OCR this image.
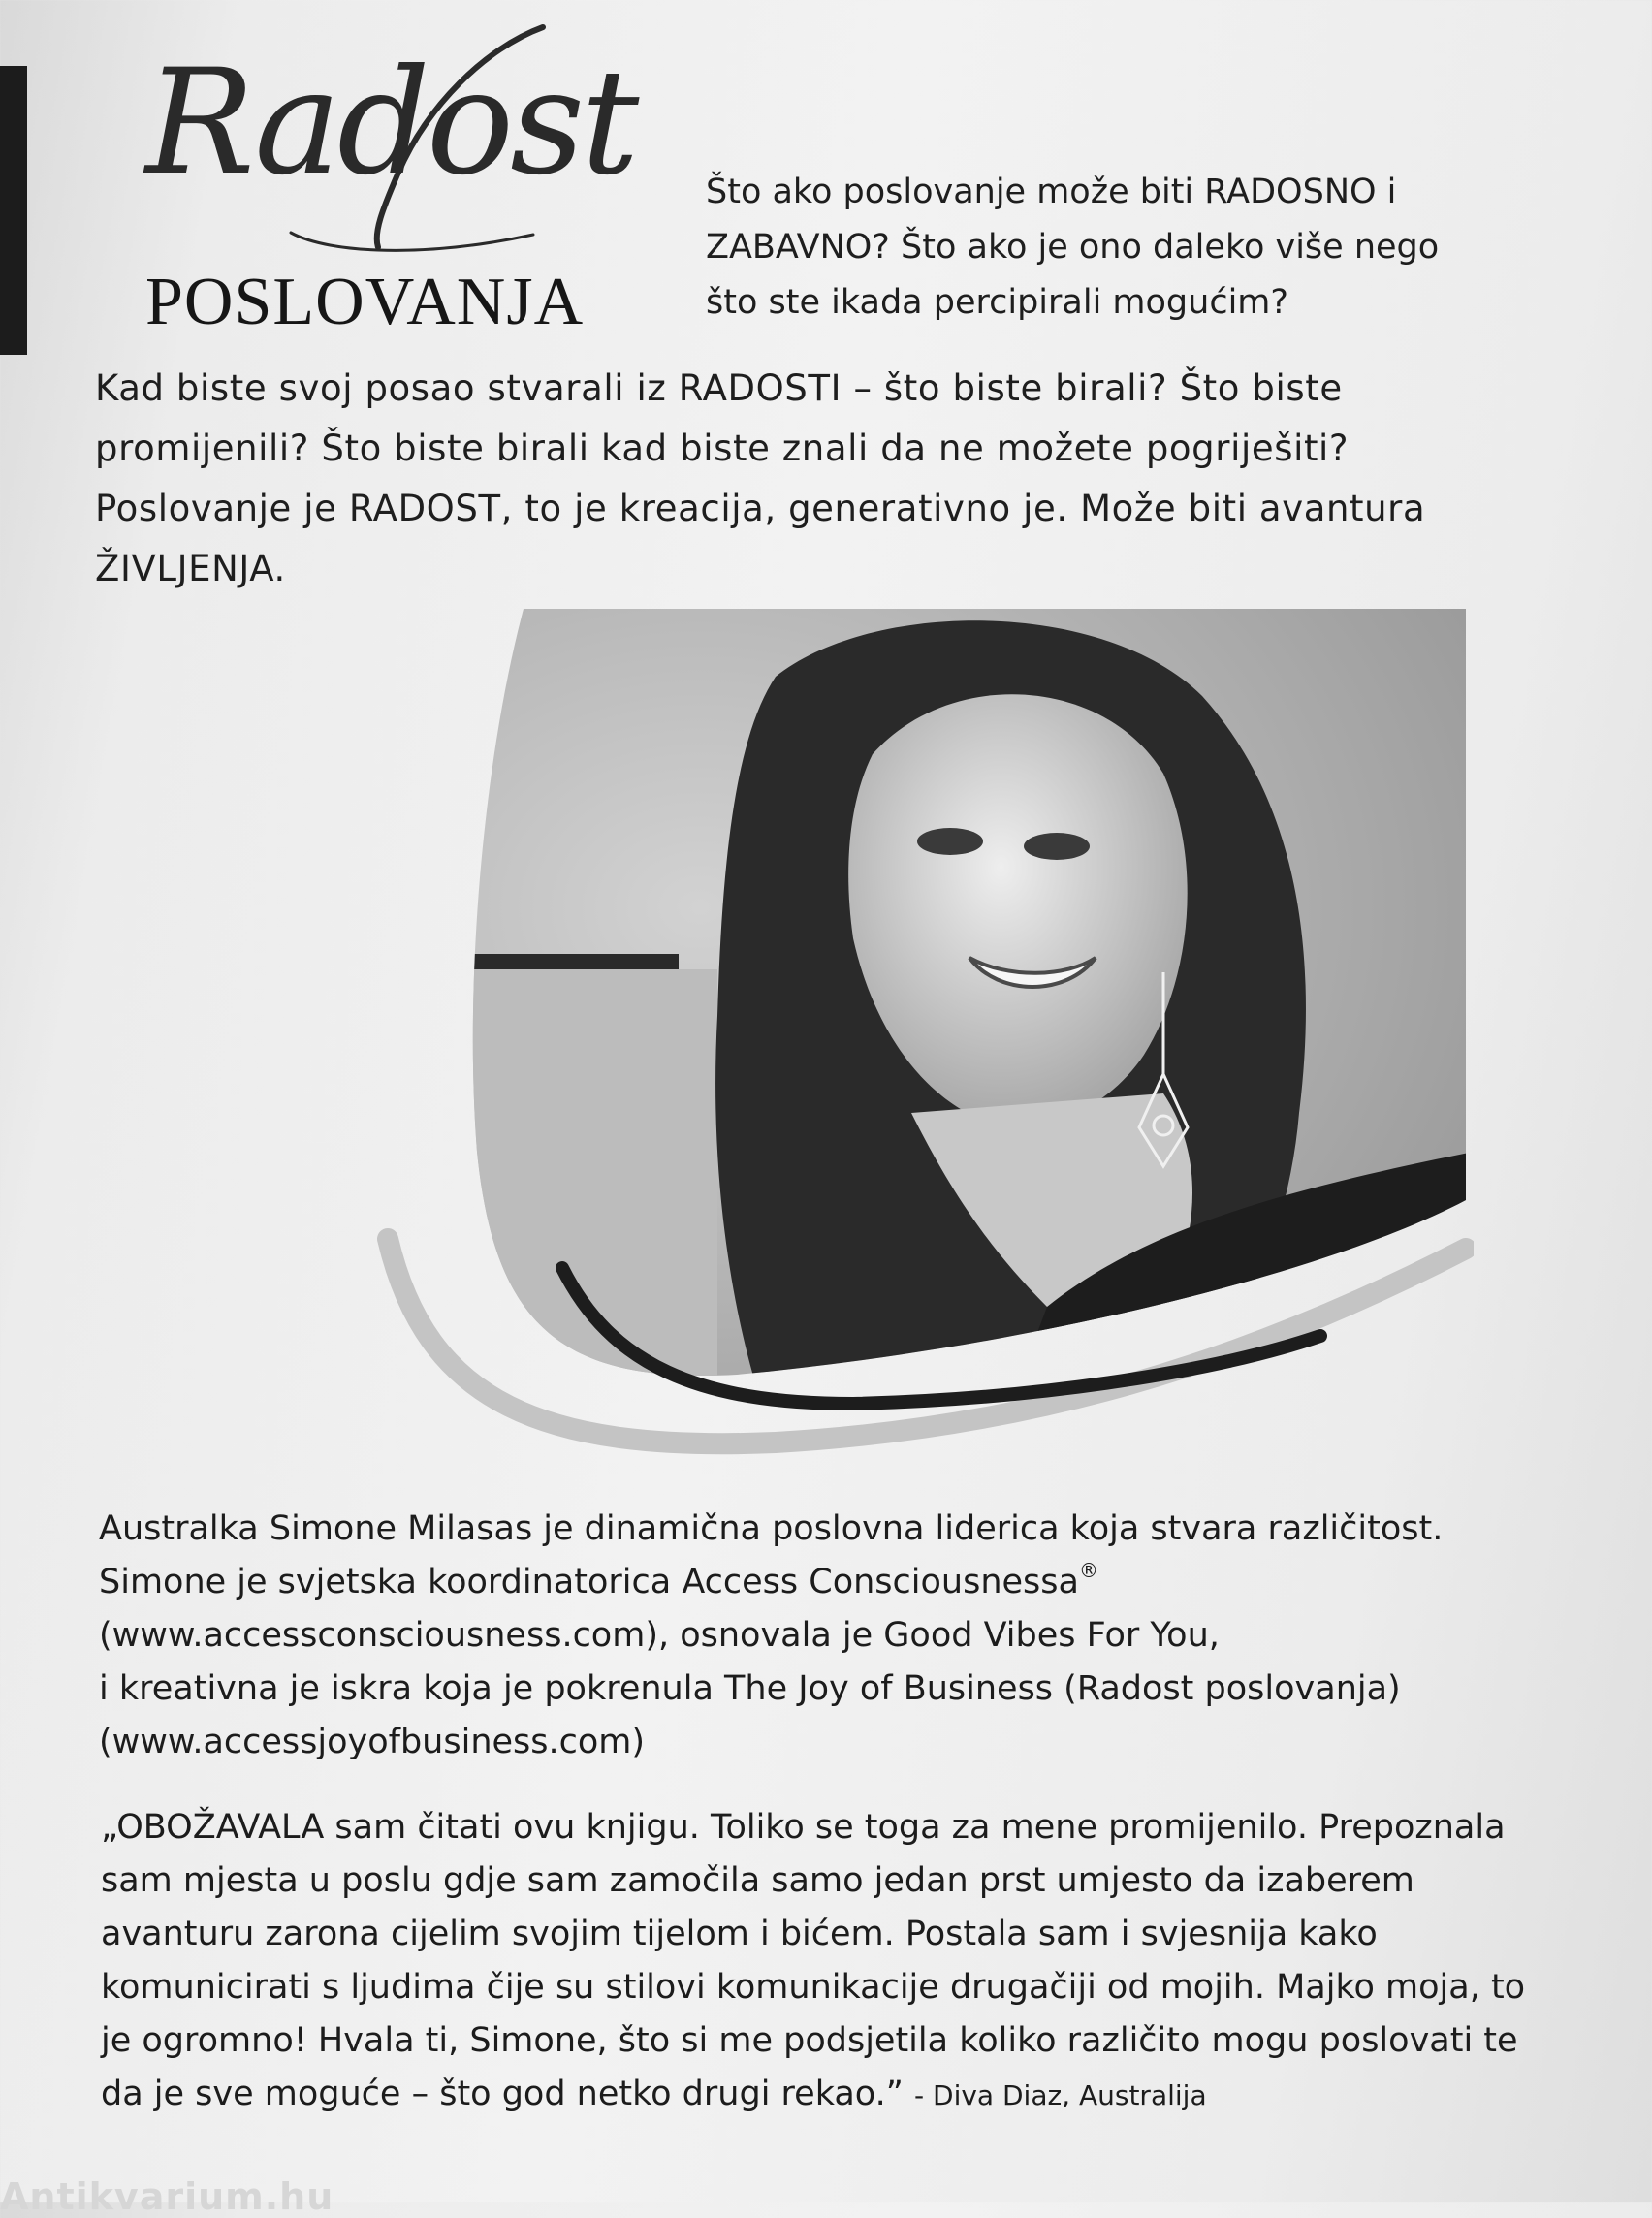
Radost
POSLOVANJA
Što ako poslovanje može biti RADOSNO i ZABAVNO? Što ako je ono daleko više nego što ste ikada percipirali mogućim?
Kad biste svoj posao stvarali iz RADOSTI – što biste birali? Što biste promijenili? Što biste birali kad biste znali da ne možete pogriješiti? Poslovanje je RADOST, to je kreacija, generativno je. Može biti avantura ŽIVLJENJA.
Australka Simone Milasas je dinamična poslovna liderica koja stvara različitost.
Simone je svjetska koordinatorica Access Consciousnessa®
(www.accessconsciousness.com), osnovala je Good Vibes For You,
i kreativna je iskra koja je pokrenula The Joy of Business (Radost poslovanja)
(www.accessjoyofbusiness.com)
„OBOŽAVALA sam čitati ovu knjigu. Toliko se toga za mene promijenilo. Prepoznala sam mjesta u poslu gdje sam zamočila samo jedan prst umjesto da izaberem avanturu zarona cijelim svojim tijelom i bićem. Postala sam i svjesnija kako komunicirati s ljudima čije su stilovi komunikacije drugačiji od mojih. Majko moja, to je ogromno! Hvala ti, Simone, što si me podsjetila koliko različito mogu poslovati te da je sve moguće – što god netko drugi rekao.” - Diva Diaz, Australija
Antikvarium.hu
